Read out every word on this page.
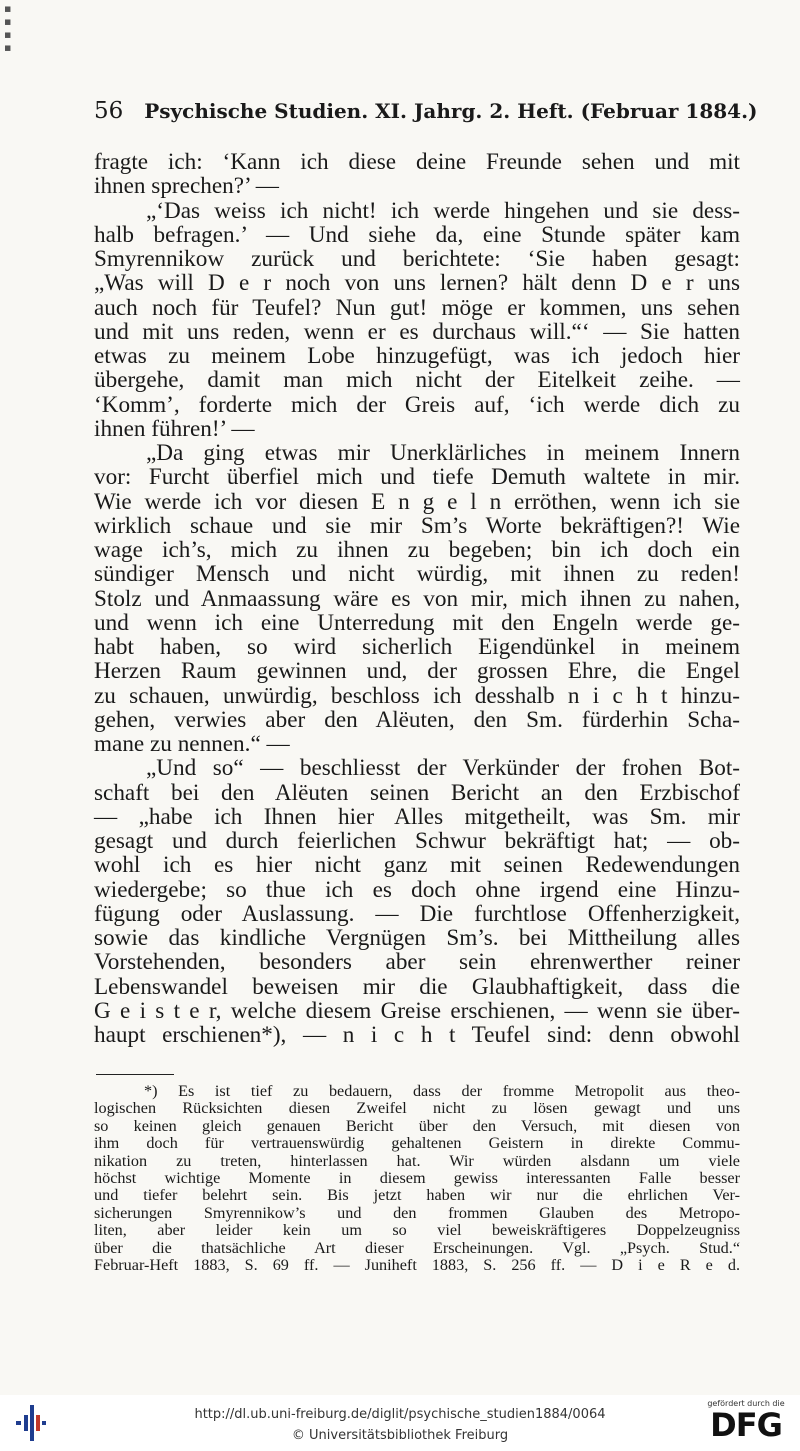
▪
▪
▪
▪
56 Psychische Studien. XI. Jahrg. 2. Heft. (Februar 1884.)
fragte ich: ‘Kann ich diese deine Freunde sehen und mit
ihnen sprechen?’ —
„‘Das weiss ich nicht! ich werde hingehen und sie dess-
halb befragen.’ — Und siehe da, eine Stunde später kam
Smyrennikow zurück und berichtete: ‘Sie haben gesagt:
„Was will D e r noch von uns lernen? hält denn D e r uns
auch noch für Teufel? Nun gut! möge er kommen, uns sehen
und mit uns reden, wenn er es durchaus will.“‘ — Sie hatten
etwas zu meinem Lobe hinzugefügt, was ich jedoch hier
übergehe, damit man mich nicht der Eitelkeit zeihe. —
‘Komm’, forderte mich der Greis auf, ‘ich werde dich zu
ihnen führen!’ —
„Da ging etwas mir Unerklärliches in meinem Innern
vor: Furcht überfiel mich und tiefe Demuth waltete in mir.
Wie werde ich vor diesen E n g e l n erröthen, wenn ich sie
wirklich schaue und sie mir Sm’s Worte bekräftigen?! Wie
wage ich’s, mich zu ihnen zu begeben; bin ich doch ein
sündiger Mensch und nicht würdig, mit ihnen zu reden!
Stolz und Anmaassung wäre es von mir, mich ihnen zu nahen,
und wenn ich eine Unterredung mit den Engeln werde ge-
habt haben, so wird sicherlich Eigendünkel in meinem
Herzen Raum gewinnen und, der grossen Ehre, die Engel
zu schauen, unwürdig, beschloss ich desshalb n i c h t hinzu-
gehen, verwies aber den Alëuten, den Sm. fürderhin Scha-
mane zu nennen.“ —
„Und so“ — beschliesst der Verkünder der frohen Bot-
schaft bei den Alëuten seinen Bericht an den Erzbischof
— „habe ich Ihnen hier Alles mitgetheilt, was Sm. mir
gesagt und durch feierlichen Schwur bekräftigt hat; — ob-
wohl ich es hier nicht ganz mit seinen Redewendungen
wiedergebe; so thue ich es doch ohne irgend eine Hinzu-
fügung oder Auslassung. — Die furchtlose Offenherzigkeit,
sowie das kindliche Vergnügen Sm’s. bei Mittheilung alles
Vorstehenden, besonders aber sein ehrenwerther reiner
Lebenswandel beweisen mir die Glaubhaftigkeit, dass die
G e i s t e r, welche diesem Greise erschienen, — wenn sie über-
haupt erschienen*), — n i c h t Teufel sind: denn obwohl
*) Es ist tief zu bedauern, dass der fromme Metropolit aus theo-
logischen Rücksichten diesen Zweifel nicht zu lösen gewagt und uns
so keinen gleich genauen Bericht über den Versuch, mit diesen von
ihm doch für vertrauenswürdig gehaltenen Geistern in direkte Commu-
nikation zu treten, hinterlassen hat. Wir würden alsdann um viele
höchst wichtige Momente in diesem gewiss interessanten Falle besser
und tiefer belehrt sein. Bis jetzt haben wir nur die ehrlichen Ver-
sicherungen Smyrennikow’s und den frommen Glauben des Metropo-
liten, aber leider kein um so viel beweiskräftigeres Doppelzeugniss
über die thatsächliche Art dieser Erscheinungen. Vgl. „Psych. Stud.“
Februar-Heft 1883, S. 69 ff. — Juniheft 1883, S. 256 ff. — D i e R e d.
http://dl.ub.uni-freiburg.de/diglit/psychische_studien1884/0064
© Universitätsbibliothek Freiburg
gefördert durch die
DFG
